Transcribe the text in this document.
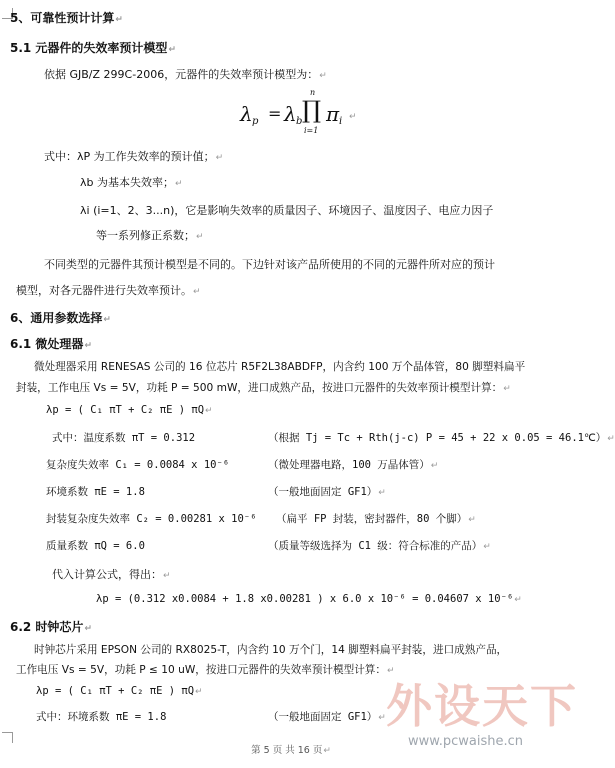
5、可靠性预计计算↵
5.1 元器件的失效率预计模型↵
依据 GJB/Z 299C-2006，元器件的失效率预计模型为：↵
λ p = λ b
n
∏
i=1
π i ↵
式中：λP 为工作失效率的预计值；↵
λb 为基本失效率；↵
λi (i=1、2、3...n)，它是影响失效率的质量因子、环境因子、温度因子、电应力因子
等一系列修正系数；↵
不同类型的元器件其预计模型是不同的。下边针对该产品所使用的不同的元器件所对应的预计
模型，对各元器件进行失效率预计。↵
6、通用参数选择↵
6.1 微处理器↵
微处理器采用 RENESAS 公司的 16 位芯片 R5F2L38ABDFP，内含约 100 万个晶体管，80 脚塑料扁平
封装，工作电压 Vs = 5V，功耗 P = 500 mW，进口成熟产品，按进口元器件的失效率预计模型计算：↵
λp = ( C₁ πT + C₂ πE ) πQ↵
式中：温度系数 πT = 0.312	（根据 Tj = Tc + Rth(j-c) P = 45 + 22 x 0.05 = 46.1℃）↵
复杂度失效率 C₁ = 0.0084 x 10⁻⁶	（微处理器电路，100 万晶体管）↵
环境系数 πE = 1.8	（一般地面固定 GF1）↵
封装复杂度失效率 C₂ = 0.00281 x 10⁻⁶ （扁平 FP 封装，密封器件，80 个脚）↵
质量系数 πQ = 6.0	（质量等级选择为 C1 级：符合标准的产品）↵
代入计算公式，得出：↵
λp = (0.312 x0.0084 + 1.8 x0.00281 ) x 6.0 x 10⁻⁶ = 0.04607 x 10⁻⁶↵
6.2 时钟芯片↵
时钟芯片采用 EPSON 公司的 RX8025-T，内含约 10 万个门，14 脚塑料扁平封装，进口成熟产品，
工作电压 Vs = 5V，功耗 P ≤ 10 uW，按进口元器件的失效率预计模型计算：↵
λp = ( C₁ πT + C₂ πE ) πQ↵
式中：环境系数 πE = 1.8	（一般地面固定 GF1）↵ 外设天下
www.pcwaishe.cn
第 5 页 共 16 页↵
